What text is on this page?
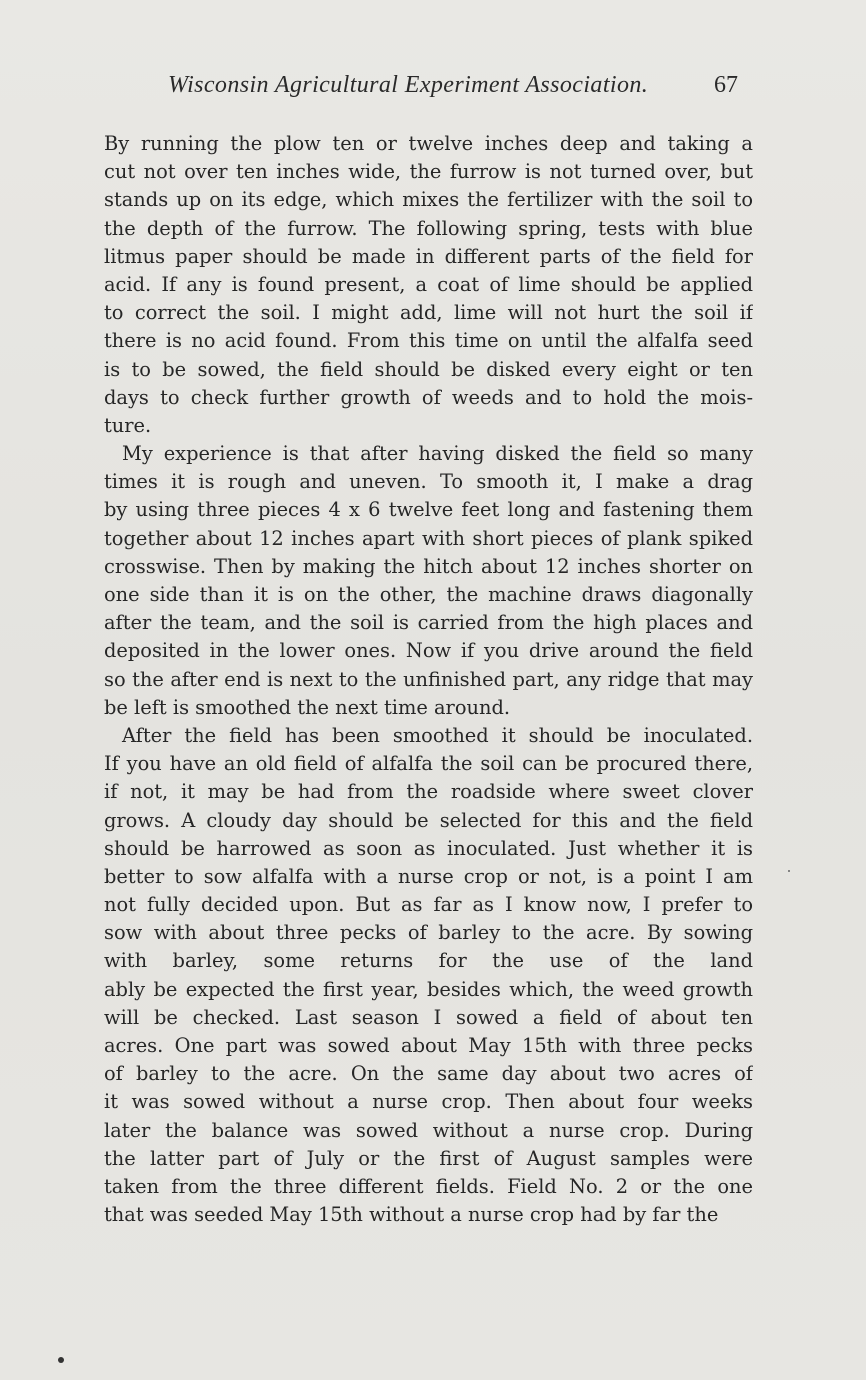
Wisconsin Agricultural Experiment Association.	67
By running the plow ten or twelve inches deep and taking a
cut not over ten inches wide, the furrow is not turned over, but
stands up on its edge, which mixes the fertilizer with the soil to
the depth of the furrow. The following spring, tests with blue
litmus paper should be made in different parts of the field for
acid. If any is found present, a coat of lime should be applied
to correct the soil. I might add, lime will not hurt the soil if
there is no acid found. From this time on until the alfalfa seed
is to be sowed, the field should be disked every eight or ten
days to check further growth of weeds and to hold the mois-
ture.
My experience is that after having disked the field so many
times it is rough and uneven. To smooth it, I make a drag
by using three pieces 4 x 6 twelve feet long and fastening them
together about 12 inches apart with short pieces of plank spiked
crosswise. Then by making the hitch about 12 inches shorter on
one side than it is on the other, the machine draws diagonally
after the team, and the soil is carried from the high places and
deposited in the lower ones. Now if you drive around the field
so the after end is next to the unfinished part, any ridge that may
be left is smoothed the next time around.
After the field has been smoothed it should be inoculated.
If you have an old field of alfalfa the soil can be procured there,
if not, it may be had from the roadside where sweet clover
grows. A cloudy day should be selected for this and the field
should be harrowed as soon as inoculated. Just whether it is
better to sow alfalfa with a nurse crop or not, is a point I am
not fully decided upon. But as far as I know now, I prefer to
sow with about three pecks of barley to the acre. By sowing
with barley, some returns for the use of the land
ably be expected the first year, besides which, the weed growth
will be checked. Last season I sowed a field of about ten
acres. One part was sowed about May 15th with three pecks
of barley to the acre. On the same day about two acres of
it was sowed without a nurse crop. Then about four weeks
later the balance was sowed without a nurse crop. During
the latter part of July or the first of August samples were
taken from the three different fields. Field No. 2 or the one
that was seeded May 15th without a nurse crop had by far the
